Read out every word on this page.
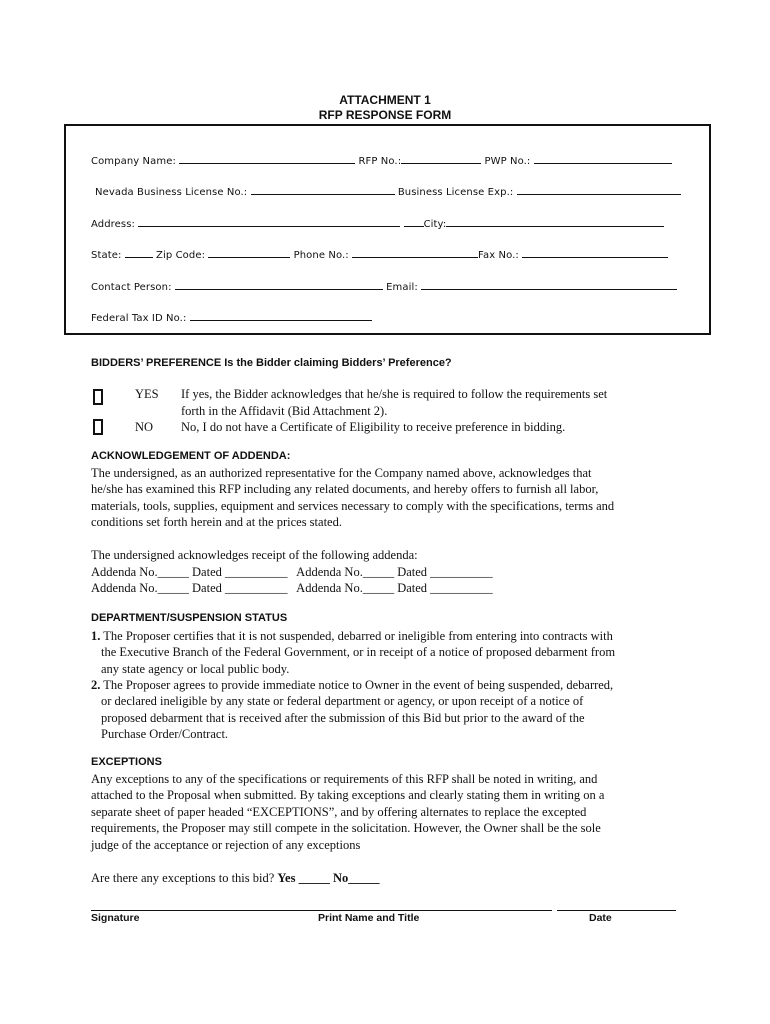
ATTACHMENT 1
RFP RESPONSE FORM
Company Name:	RFP No.:	PWP No.:
Nevada Business License No.:	Business License Exp.:
Address:	City:
State:	Zip Code:	Phone No.:	Fax No.:
Contact Person:	Email:
Federal Tax ID No.:
BIDDERS’ PREFERENCE Is the Bidder claiming Bidders’ Preference?
YES If yes, the Bidder acknowledges that he/she is required to follow the requirements set
forth in the Affidavit (Bid Attachment 2).
NO No, I do not have a Certificate of Eligibility to receive preference in bidding.
ACKNOWLEDGEMENT OF ADDENDA:
The undersigned, as an authorized representative for the Company named above, acknowledges that
he/she has examined this RFP including any related documents, and hereby offers to furnish all labor,
materials, tools, supplies, equipment and services necessary to comply with the specifications, terms and
conditions set forth herein and at the prices stated.
The undersigned acknowledges receipt of the following addenda:
Addenda No._____ Dated __________   Addenda No._____ Dated __________
Addenda No._____ Dated __________   Addenda No._____ Dated __________
DEPARTMENT/SUSPENSION STATUS
1. The Proposer certifies that it is not suspended, debarred or ineligible from entering into contracts with
the Executive Branch of the Federal Government, or in receipt of a notice of proposed debarment from
any state agency or local public body.
2. The Proposer agrees to provide immediate notice to Owner in the event of being suspended, debarred,
or declared ineligible by any state or federal department or agency, or upon receipt of a notice of
proposed debarment that is received after the submission of this Bid but prior to the award of the
Purchase Order/Contract.
EXCEPTIONS
Any exceptions to any of the specifications or requirements of this RFP shall be noted in writing, and
attached to the Proposal when submitted. By taking exceptions and clearly stating them in writing on a
separate sheet of paper headed “EXCEPTIONS”, and by offering alternates to replace the excepted
requirements, the Proposer may still compete in the solicitation. However, the Owner shall be the sole
judge of the acceptance or rejection of any exceptions
Are there any exceptions to this bid? Yes _____ No_____
Signature	Print Name and Title	Date
